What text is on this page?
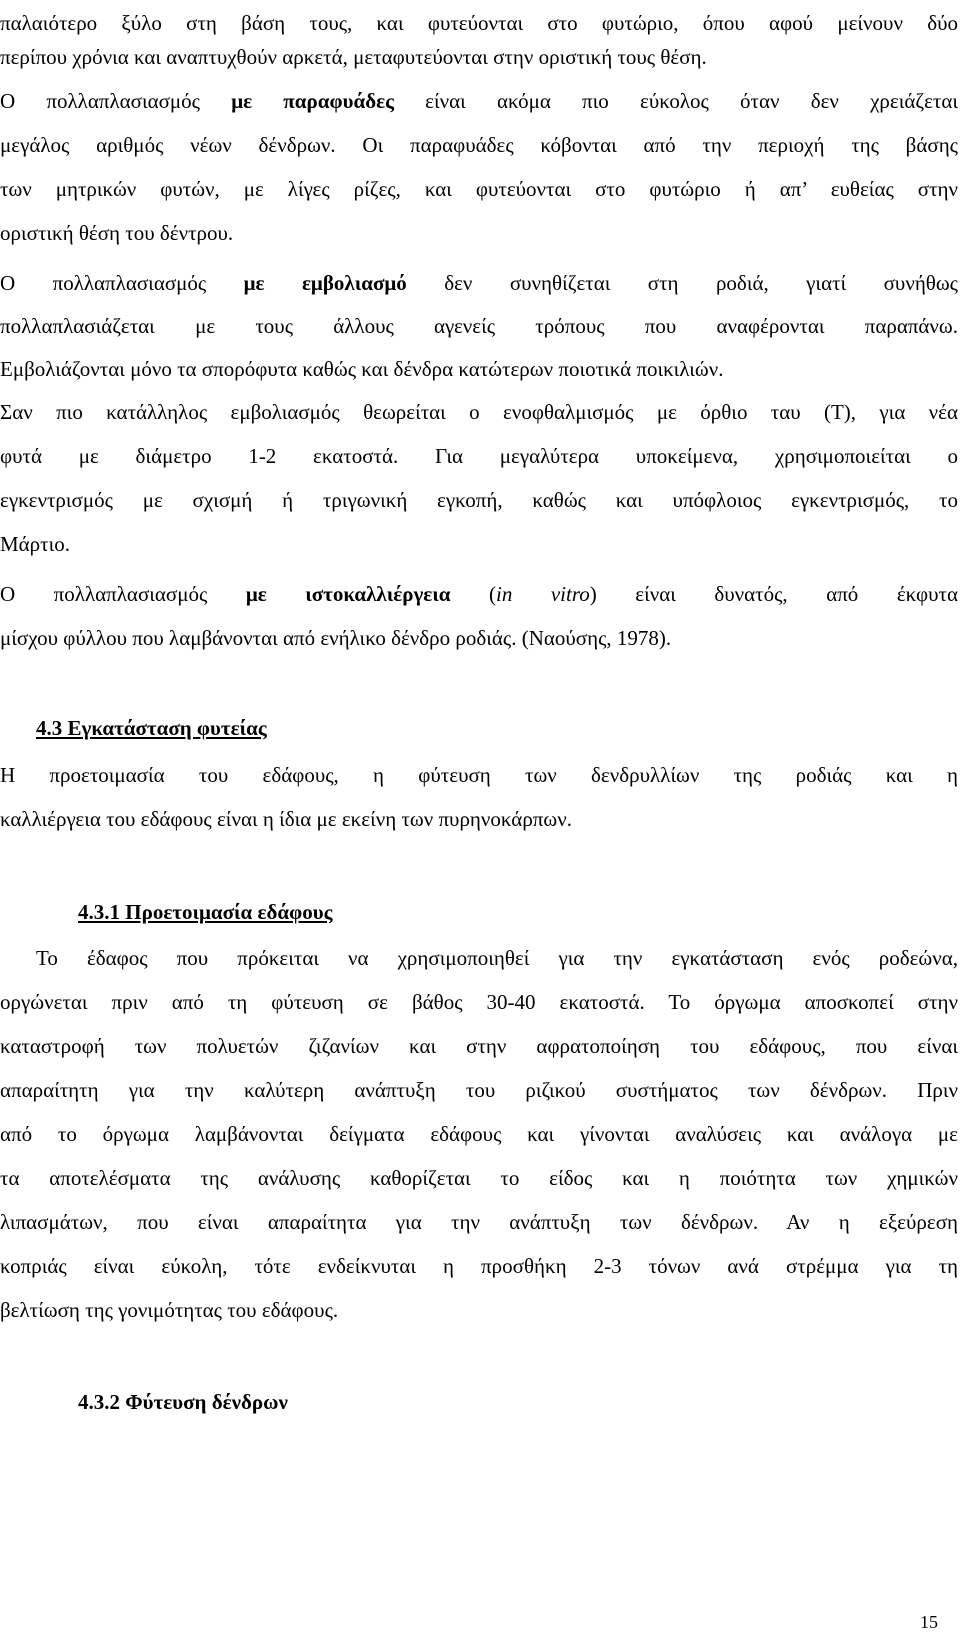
παλαιότερο ξύλο στη βάση τους, και φυτεύονται στο φυτώριο, όπου αφού μείνουν δύο
περίπου χρόνια και αναπτυχθούν αρκετά, μεταφυτεύονται στην οριστική τους θέση.
Ο πολλαπλασιασμός με παραφυάδες είναι ακόμα πιο εύκολος όταν δεν χρειάζεται
μεγάλος αριθμός νέων δένδρων. Οι παραφυάδες κόβονται από την περιοχή της βάσης
των μητρικών φυτών, με λίγες ρίζες, και φυτεύονται στο φυτώριο ή απ’ ευθείας στην
οριστική θέση του δέντρου.
Ο πολλαπλασιασμός με εμβολιασμό δεν συνηθίζεται στη ροδιά, γιατί συνήθως
πολλαπλασιάζεται με τους άλλους αγενείς τρόπους που αναφέρονται παραπάνω.
Εμβολιάζονται μόνο τα σπορόφυτα καθώς και δένδρα κατώτερων ποιοτικά ποικιλιών.
Σαν πιο κατάλληλος εμβολιασμός θεωρείται ο ενοφθαλμισμός με όρθιο ταυ (Τ), για νέα
φυτά με διάμετρο 1-2 εκατοστά. Για μεγαλύτερα υποκείμενα, χρησιμοποιείται ο
εγκεντρισμός με σχισμή ή τριγωνική εγκοπή, καθώς και υπόφλοιος εγκεντρισμός, το
Μάρτιο.
Ο πολλαπλασιασμός με ιστοκαλλιέργεια (in vitro) είναι δυνατός, από έκφυτα
μίσχου φύλλου που λαμβάνονται από ενήλικο δένδρο ροδιάς. (Ναούσης, 1978).
4.3 Εγκατάσταση φυτείας
Η προετοιμασία του εδάφους, η φύτευση των δενδρυλλίων της ροδιάς και η
καλλιέργεια του εδάφους είναι η ίδια με εκείνη των πυρηνοκάρπων.
4.3.1 Προετοιμασία εδάφους
Το έδαφος που πρόκειται να χρησιμοποιηθεί για την εγκατάσταση ενός ροδεώνα,
οργώνεται πριν από τη φύτευση σε βάθος 30-40 εκατοστά. Το όργωμα αποσκοπεί στην
καταστροφή των πολυετών ζιζανίων και στην αφρατοποίηση του εδάφους, που είναι
απαραίτητη για την καλύτερη ανάπτυξη του ριζικού συστήματος των δένδρων. Πριν
από το όργωμα λαμβάνονται δείγματα εδάφους και γίνονται αναλύσεις και ανάλογα με
τα αποτελέσματα της ανάλυσης καθορίζεται το είδος και η ποιότητα των χημικών
λιπασμάτων, που είναι απαραίτητα για την ανάπτυξη των δένδρων. Αν η εξεύρεση
κοπριάς είναι εύκολη, τότε ενδείκνυται η προσθήκη 2-3 τόνων ανά στρέμμα για τη
βελτίωση της γονιμότητας του εδάφους.
4.3.2 Φύτευση δένδρων
15
